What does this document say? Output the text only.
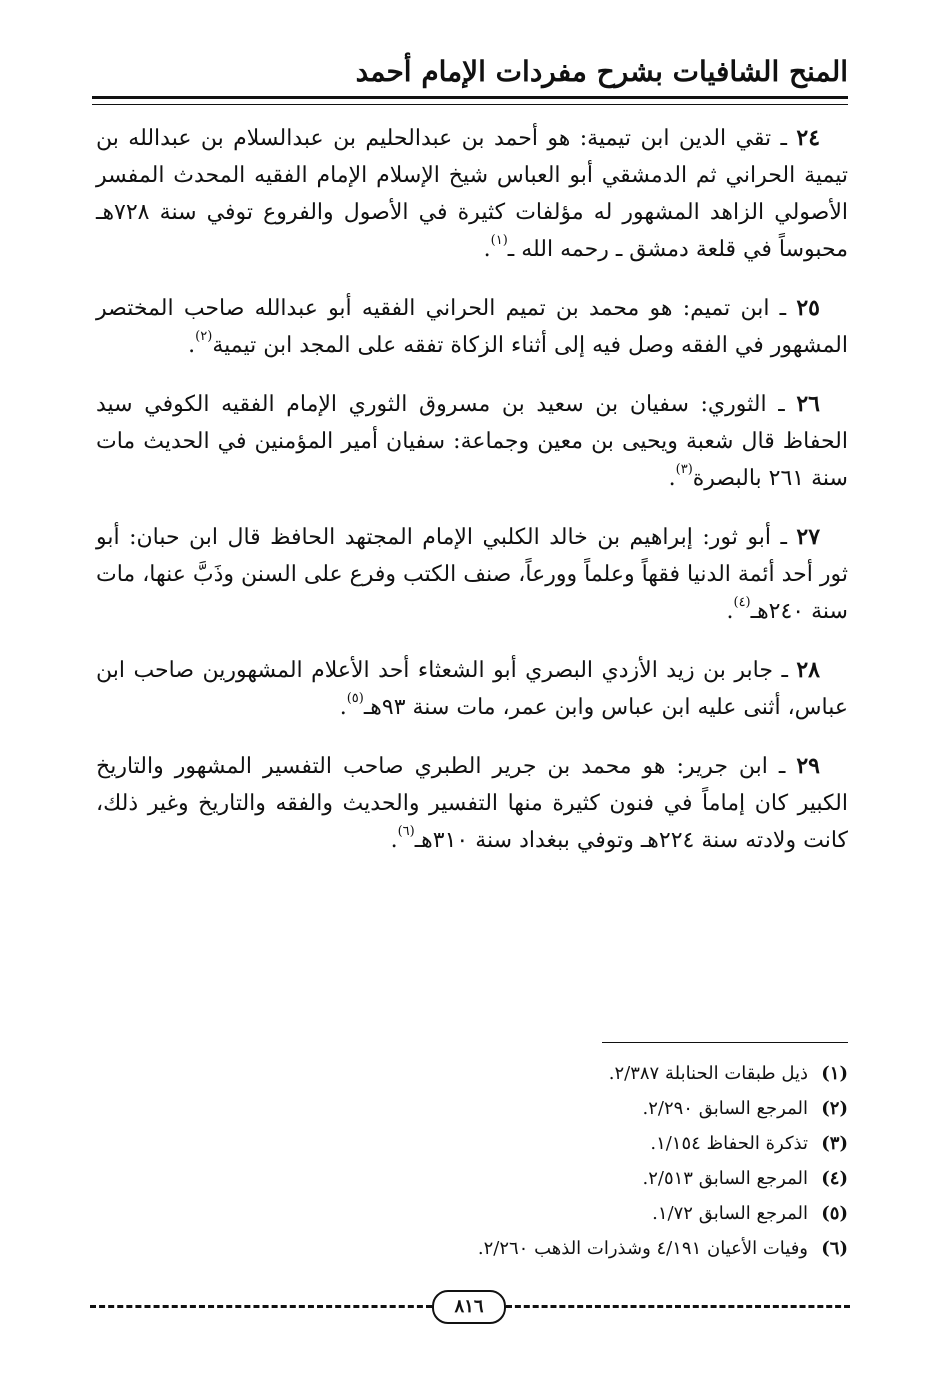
المنح الشافيات بشرح مفردات الإمام أحمد

٢٤ ـ تقي الدين ابن تيمية: هو أحمد بن عبدالحليم بن عبدالسلام بن عبدالله بن تيمية الحراني ثم الدمشقي أبو العباس شيخ الإسلام الإمام الفقيه المحدث المفسر الأصولي الزاهد المشهور له مؤلفات كثيرة في الأصول والفروع توفي سنة ٧٢٨هـ محبوساً في قلعة دمشق ـ رحمه الله ـ$^{(١)}$.

٢٥ ـ ابن تميم: هو محمد بن تميم الحراني الفقيه أبو عبدالله صاحب المختصر المشهور في الفقه وصل فيه إلى أثناء الزكاة تفقه على المجد ابن تيمية$^{(٢)}$.

٢٦ ـ الثوري: سفيان بن سعيد بن مسروق الثوري الإمام الفقيه الكوفي سيد الحفاظ قال شعبة ويحيى بن معين وجماعة: سفيان أمير المؤمنين في الحديث مات سنة ٢٦١ بالبصرة$^{(٣)}$.

٢٧ ـ أبو ثور: إبراهيم بن خالد الكلبي الإمام المجتهد الحافظ قال ابن حبان: أبو ثور أحد أئمة الدنيا فقهاً وعلماً وورعاً، صنف الكتب وفرع على السنن وذَبَّ عنها، مات سنة ٢٤٠هـ$^{(٤)}$.

٢٨ ـ جابر بن زيد الأزدي البصري أبو الشعثاء أحد الأعلام المشهورين صاحب ابن عباس، أثنى عليه ابن عباس وابن عمر، مات سنة ٩٣هـ$^{(٥)}$.

٢٩ ـ ابن جرير: هو محمد بن جرير الطبري صاحب التفسير المشهور والتاريخ الكبير كان إماماً في فنون كثيرة منها التفسير والحديث والفقه والتاريخ وغير ذلك، كانت ولادته سنة ٢٢٤هـ وتوفي ببغداد سنة ٣١٠هـ$^{(٦)}$.

(١)ذيل طبقات الحنابلة ٢/٣٨٧.
(٢)المرجع السابق ٢/٢٩٠.
(٣)تذكرة الحفاظ ١/١٥٤.
(٤)المرجع السابق ٢/٥١٣.
(٥)المرجع السابق ١/٧٢.
(٦)وفيات الأعيان ٤/١٩١ وشذرات الذهب ٢/٢٦٠.
٨١٦
